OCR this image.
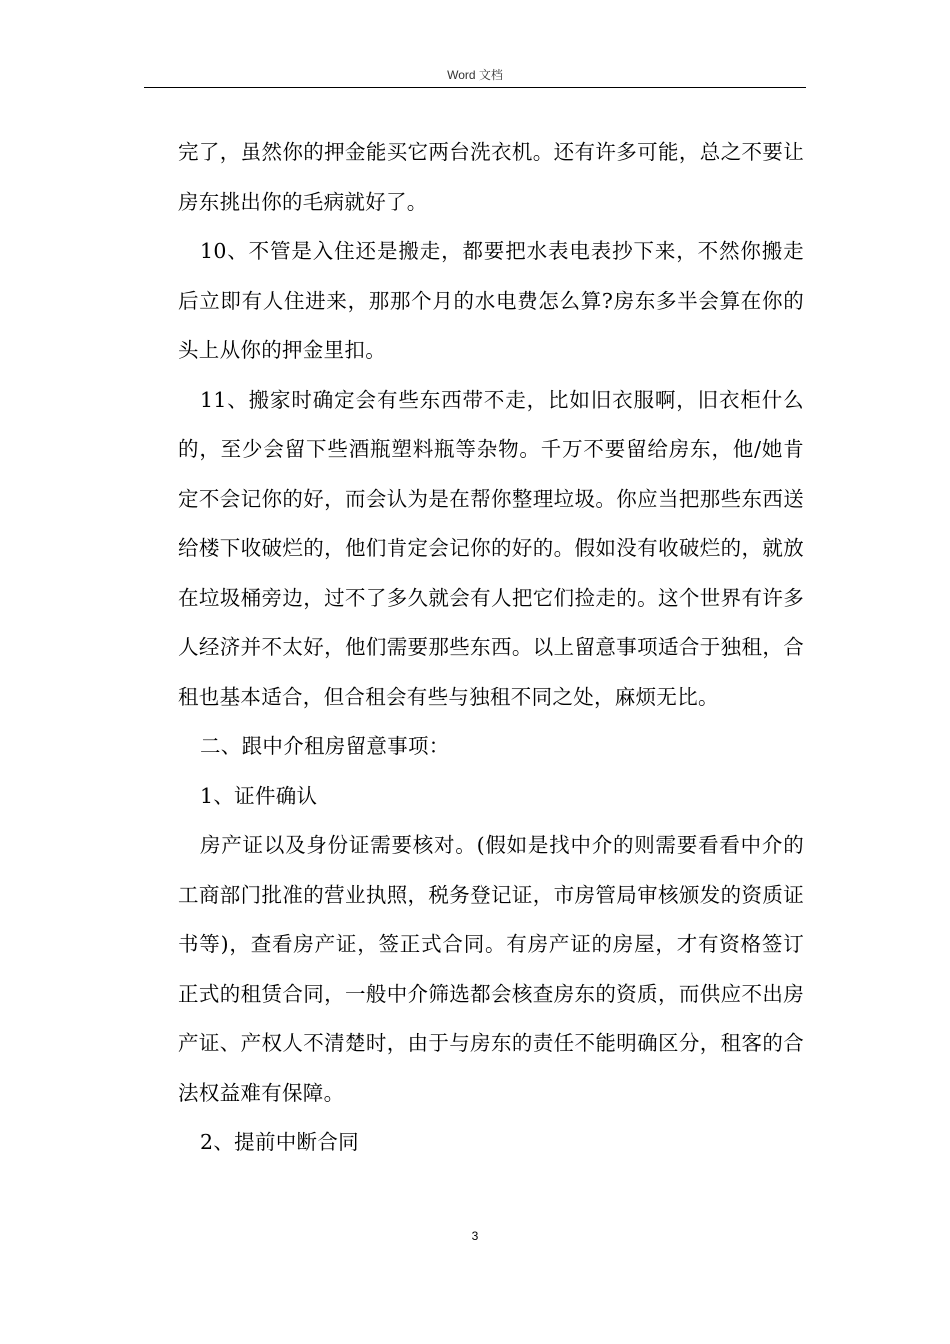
Word 文档

完了，虽然你的押金能买它两台洗衣机。还有许多可能，总之不要让房东挑出你的毛病就好了。

10、不管是入住还是搬走，都要把水表电表抄下来，不然你搬走后立即有人住进来，那那个月的水电费怎么算?房东多半会算在你的头上从你的押金里扣。

11、搬家时确定会有些东西带不走，比如旧衣服啊，旧衣柜什么的，至少会留下些酒瓶塑料瓶等杂物。千万不要留给房东，他/她肯定不会记你的好，而会认为是在帮你整理垃圾。你应当把那些东西送给楼下收破烂的，他们肯定会记你的好的。假如没有收破烂的，就放在垃圾桶旁边，过不了多久就会有人把它们捡走的。这个世界有许多人经济并不太好，他们需要那些东西。以上留意事项适合于独租，合租也基本适合，但合租会有些与独租不同之处，麻烦无比。

二、跟中介租房留意事项：

1、证件确认

房产证以及身份证需要核对。(假如是找中介的则需要看看中介的工商部门批准的营业执照，税务登记证，市房管局审核颁发的资质证书等)，查看房产证，签正式合同。有房产证的房屋，才有资格签订正式的租赁合同，一般中介筛选都会核查房东的资质，而供应不出房产证、产权人不清楚时，由于与房东的责任不能明确区分，租客的合法权益难有保障。

2、提前中断合同

3
